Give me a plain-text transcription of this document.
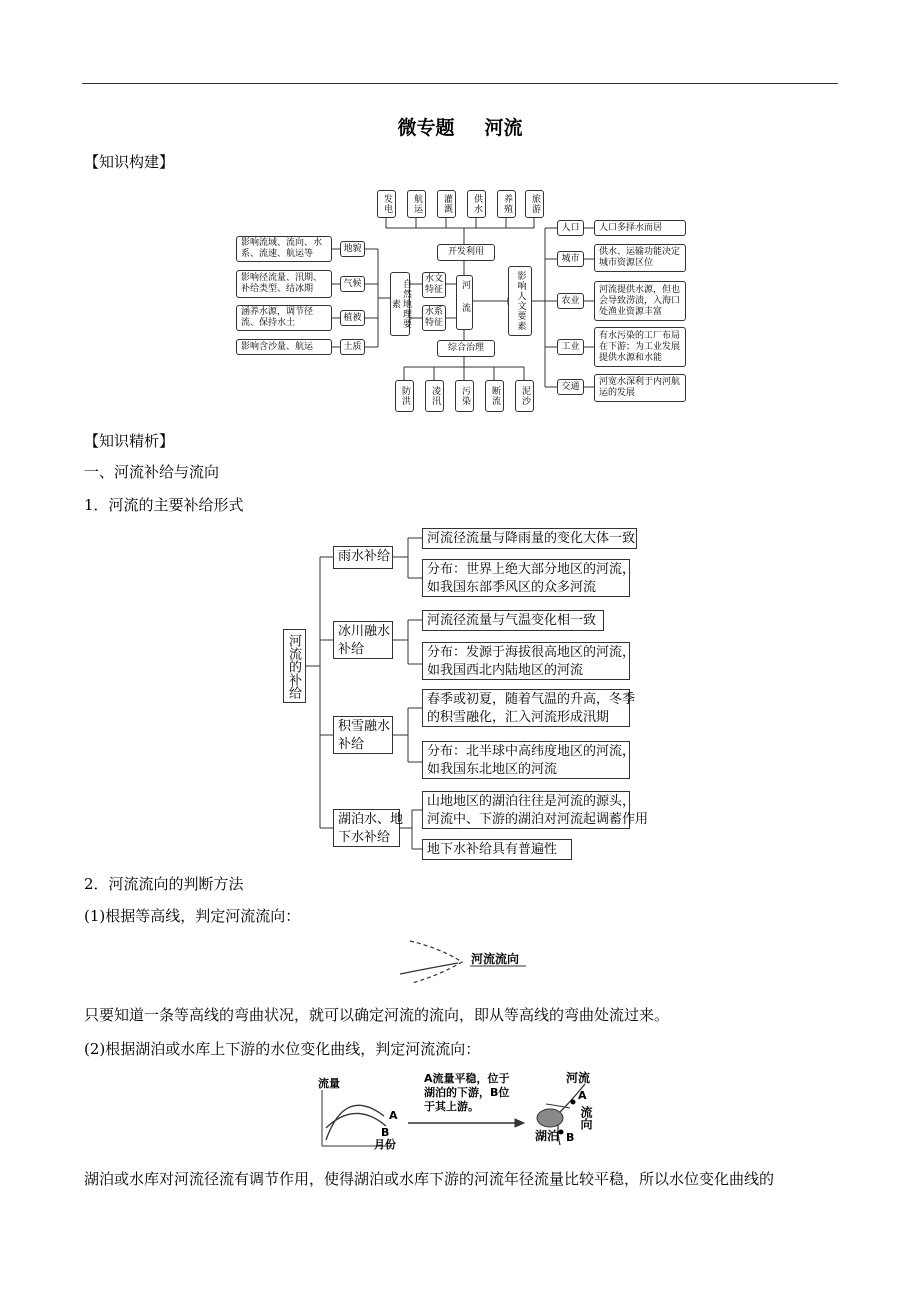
微专题 河流
【知识构建】
发电	航运	灌溉	供水	养殖	旅游
开发利用
影响流域、流向、水系、流速、航运等
影响径流量、汛期、补给类型、结冰期
涵养水源，调节径流、保持水土
影响含沙量、航运
地貌
气候
植被
土质
自然地理要素
水文特征
水系特征	河流	影响人文要素
综合治理
防洪	凌汛	污染	断流	泥沙
人口
城市
农业
工业
交通
人口多择水而居
供水、运输功能决定城市资源区位
河流提供水源，但也会导致涝渍，入海口处渔业资源丰富
有水污染的工厂布局在下游；为工业发展提供水源和水能
河宽水深利于内河航运的发展
【知识精析】
一、河流补给与流向
1．河流的主要补给形式
河流的补给
雨水补给
冰川融水
补给
积雪融水
补给
湖泊水、地
下水补给
河流径流量与降雨量的变化大体一致
分布：世界上绝大部分地区的河流，
如我国东部季风区的众多河流
河流径流量与气温变化相一致
分布：发源于海拔很高地区的河流，
如我国西北内陆地区的河流
春季或初夏，随着气温的升高，冬季
的积雪融化，汇入河流形成汛期
分布：北半球中高纬度地区的河流，
如我国东北地区的河流
山地地区的湖泊往往是河流的源头，
河流中、下游的湖泊对河流起调蓄作用
地下水补给具有普遍性
2．河流流向的判断方法
(1)根据等高线，判定河流流向：
河流流向
只要知道一条等高线的弯曲状况，就可以确定河流的流向，即从等高线的弯曲处流过来。
(2)根据湖泊或水库上下游的水位变化曲线，判定河流流向：
流量
月份
A
B
A流量平稳，位于
湖泊的下游，B位
于其上游。
河流
湖泊
流向
A
B
湖泊或水库对河流径流有调节作用，使得湖泊或水库下游的河流年径流量比较平稳，所以水位变化曲线的
